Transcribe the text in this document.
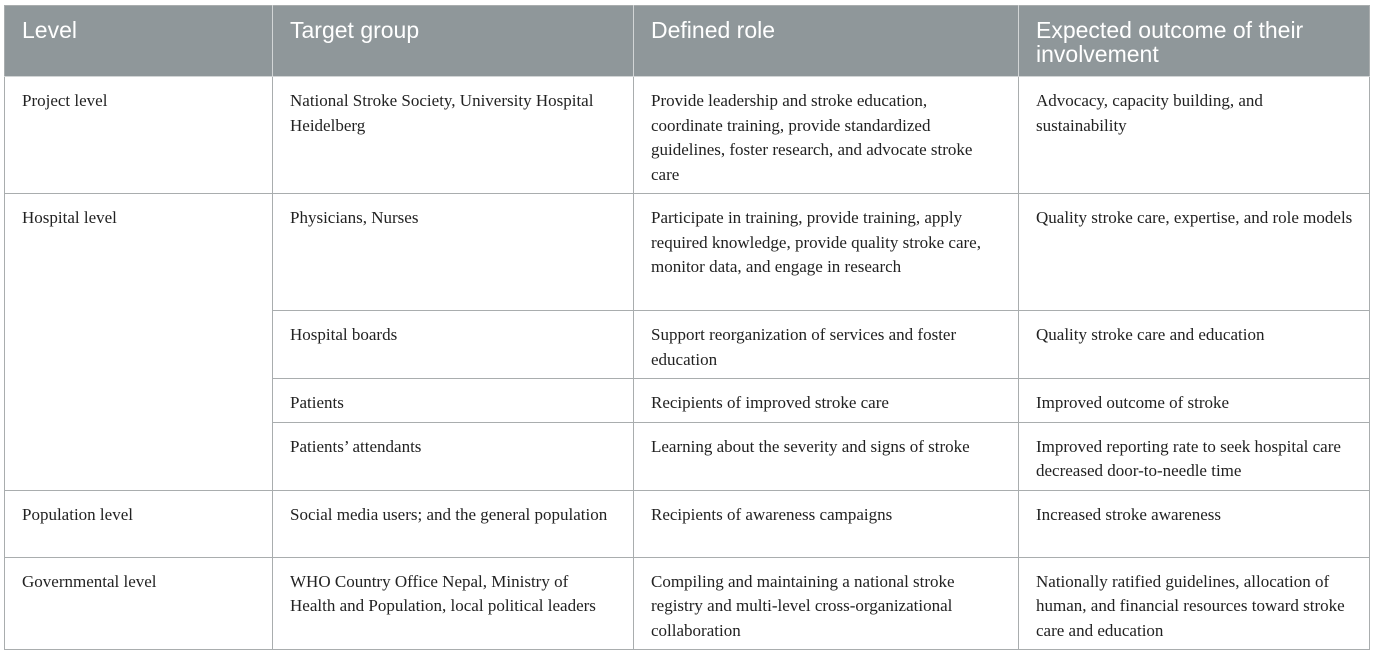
Level	Target group	Defined role	Expected outcome of their involvement
Project level	National Stroke Society, University Hospital Heidelberg	Provide leadership and stroke education, coordinate training, provide standardized guidelines, foster research, and advocate stroke care	Advocacy, capacity building, and sustainability
Hospital level	Physicians, Nurses	Participate in training, provide training, apply required knowledge, provide quality stroke care, monitor data, and engage in research	Quality stroke care, expertise, and role models
	Hospital boards	Support reorganization of services and foster education	Quality stroke care and education
	Patients	Recipients of improved stroke care	Improved outcome of stroke
	Patients’ attendants	Learning about the severity and signs of stroke	Improved reporting rate to seek hospital care decreased door-to-needle time
Population level	Social media users; and the general population	Recipients of awareness campaigns	Increased stroke awareness
Governmental level	WHO Country Office Nepal, Ministry of Health and Population, local political leaders	Compiling and maintaining a national stroke registry and multi-level cross-organizational collaboration	Nationally ratified guidelines, allocation of human, and financial resources toward stroke care and education
